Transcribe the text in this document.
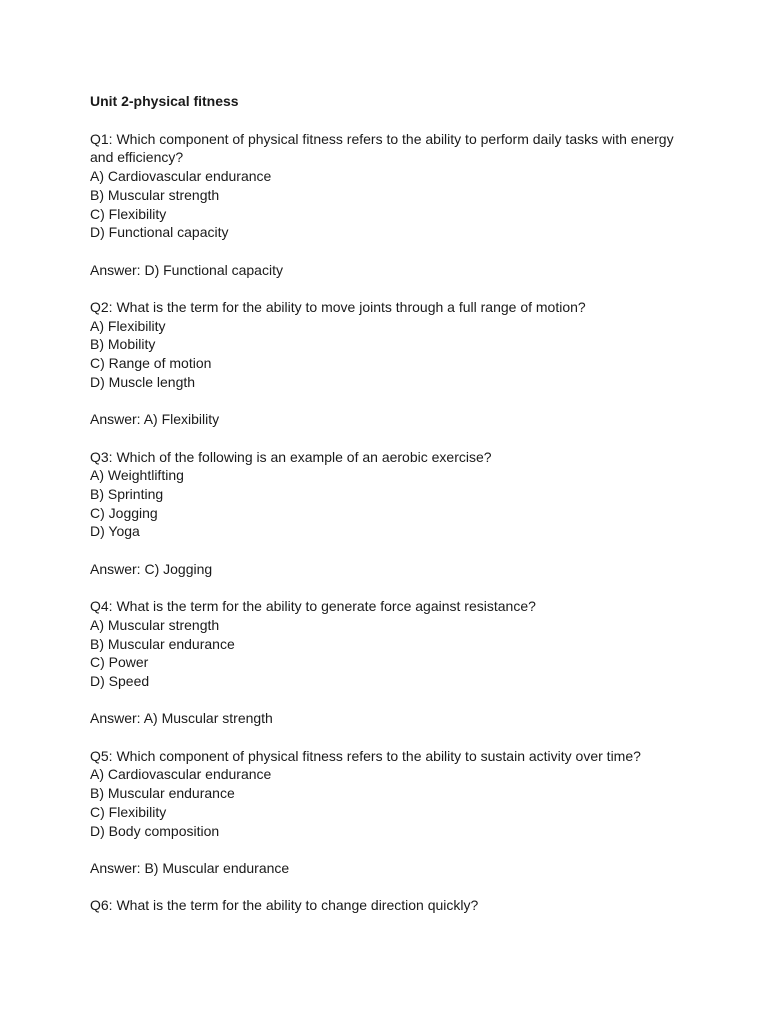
Unit 2-physical fitness

Q1: Which component of physical fitness refers to the ability to perform daily tasks with energy and efficiency?

A) Cardiovascular endurance

B) Muscular strength

C) Flexibility

D) Functional capacity

Answer: D) Functional capacity

Q2: What is the term for the ability to move joints through a full range of motion?

A) Flexibility

B) Mobility

C) Range of motion

D) Muscle length

Answer: A) Flexibility

Q3: Which of the following is an example of an aerobic exercise?

A) Weightlifting

B) Sprinting

C) Jogging

D) Yoga

Answer: C) Jogging

Q4: What is the term for the ability to generate force against resistance?

A) Muscular strength

B) Muscular endurance

C) Power

D) Speed

Answer: A) Muscular strength

Q5: Which component of physical fitness refers to the ability to sustain activity over time?

A) Cardiovascular endurance

B) Muscular endurance

C) Flexibility

D) Body composition

Answer: B) Muscular endurance

Q6: What is the term for the ability to change direction quickly?
